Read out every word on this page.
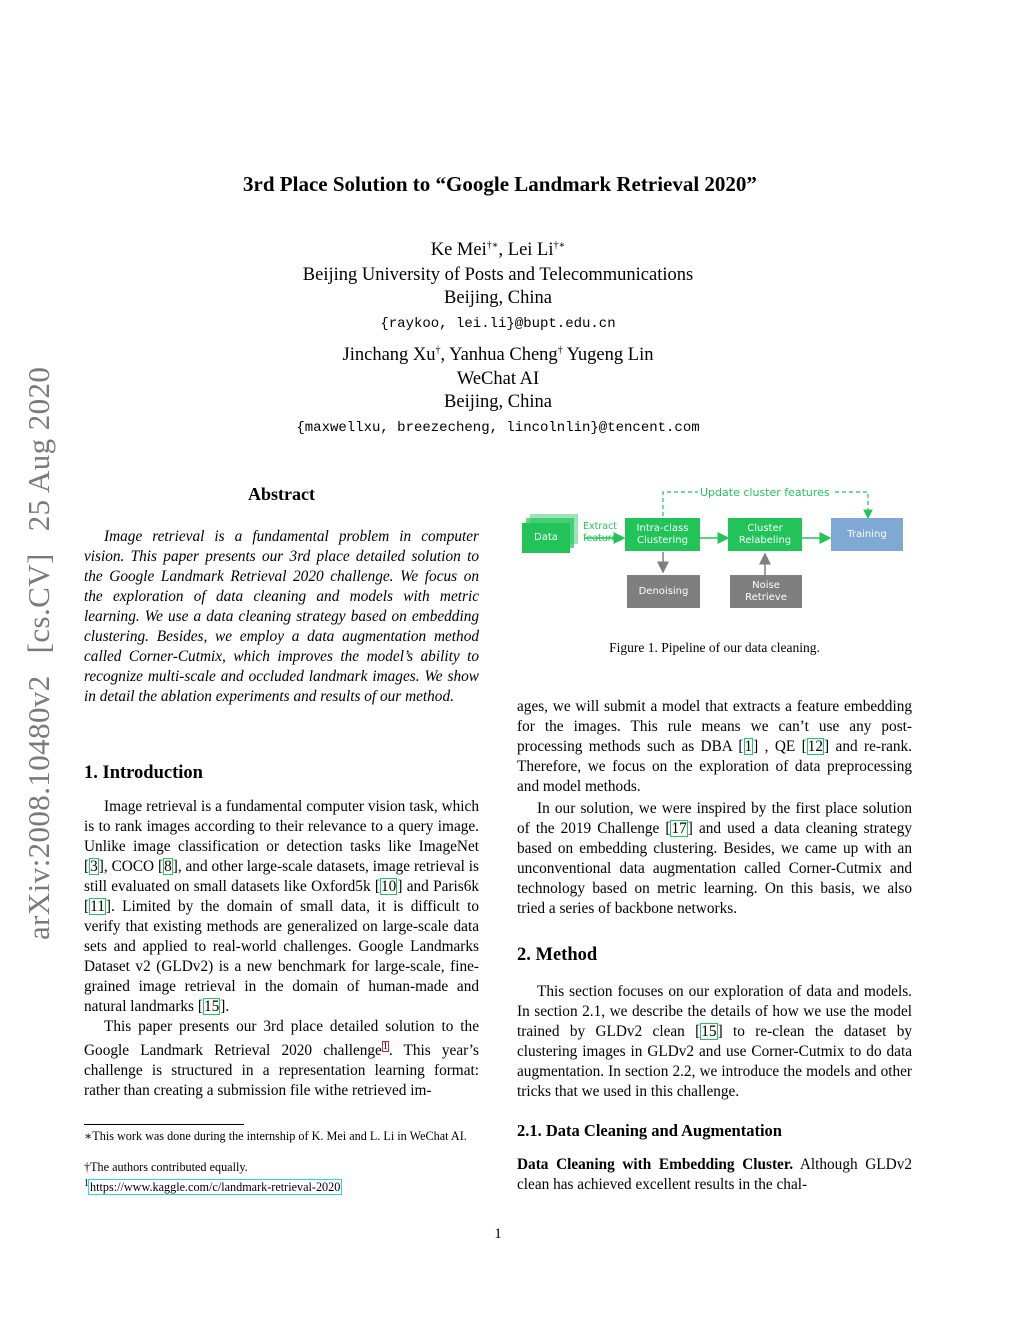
arXiv:2008.10480v2
[cs.CV]
25 Aug 2020
3rd Place Solution to “Google Landmark Retrieval 2020”
Ke Mei†∗, Lei Li†∗
Beijing University of Posts and Telecommunications
Beijing, China
{raykoo, lei.li}@bupt.edu.cn
Jinchang Xu†, Yanhua Cheng† Yugeng Lin
WeChat AI
Beijing, China
{maxwellxu, breezecheng, lincolnlin}@tencent.com
Abstract

Image retrieval is a fundamental problem in computer vision. This paper presents our 3rd place detailed solution to the Google Landmark Retrieval 2020 challenge. We focus on the exploration of data cleaning and models with metric learning. We use a data cleaning strategy based on embedding clustering. Besides, we employ a data augmentation method called Corner-Cutmix, which improves the model’s ability to recognize multi-scale and occluded landmark images. We show in detail the ablation experiments and results of our method.

1. Introduction

Image retrieval is a fundamental computer vision task, which is to rank images according to their relevance to a query image. Unlike image classification or detection tasks like ImageNet [3], COCO [8], and other large-scale datasets, image retrieval is still evaluated on small datasets like Oxford5k [10] and Paris6k [11]. Limited by the domain of small data, it is difficult to verify that existing methods are generalized on large-scale data sets and applied to real-world challenges. Google Landmarks Dataset v2 (GLDv2) is a new benchmark for large-scale, fine-grained image retrieval in the domain of human-made and natural landmarks [15].

This paper presents our 3rd place detailed solution to the Google Landmark Retrieval 2020 challenge$^1$. This year’s challenge is structured in a representation learning format: rather than creating a submission file withe retrieved im-

∗This work was done during the internship of K. Mei and L. Li in WeChat AI.
†The authors contributed equally.
$^1$https://www.kaggle.com/c/landmark-retrieval-2020
Update cluster features
Data
Extract features
Intra-class Clustering
Cluster Relabeling
Training
Denoising
Noise Retrieve
Figure 1. Pipeline of our data cleaning.

ages, we will submit a model that extracts a feature embedding for the images. This rule means we can’t use any post-processing methods such as DBA [1] , QE [12] and re-rank. Therefore, we focus on the exploration of data preprocessing and model methods.

In our solution, we were inspired by the first place solution of the 2019 Challenge [17] and used a data cleaning strategy based on embedding clustering. Besides, we came up with an unconventional data augmentation called Corner-Cutmix and technology based on metric learning. On this basis, we also tried a series of backbone networks.

2. Method

This section focuses on our exploration of data and models. In section 2.1, we describe the details of how we use the model trained by GLDv2 clean [15] to re-clean the dataset by clustering images in GLDv2 and use Corner-Cutmix to do data augmentation. In section 2.2, we introduce the models and other tricks that we used in this challenge.

2.1. Data Cleaning and Augmentation

Data Cleaning with Embedding Cluster. Although GLDv2 clean has achieved excellent results in the chal-

1
